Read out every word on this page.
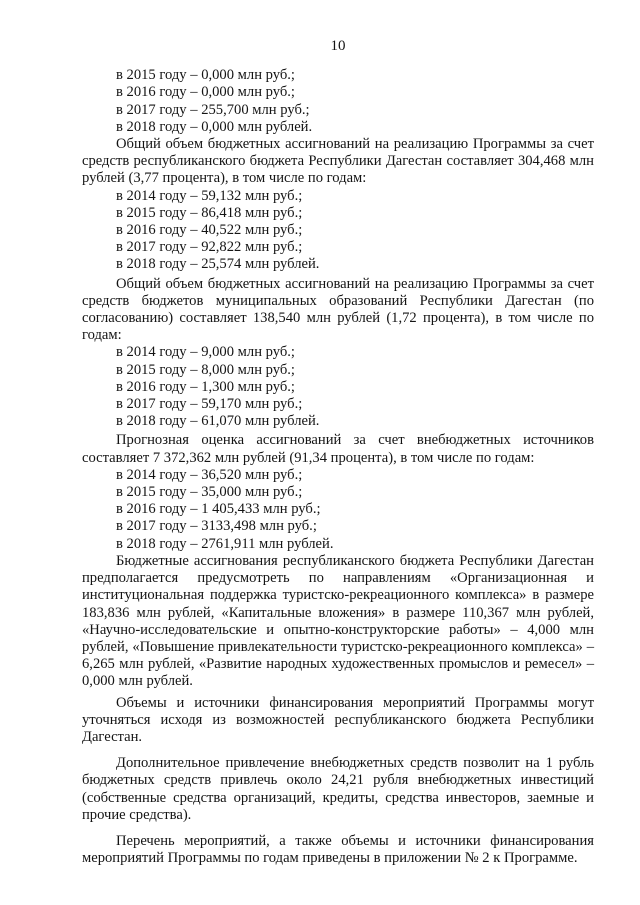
10

в 2015 году – 0,000 млн руб.;

в 2016 году – 0,000 млн руб.;

в 2017 году – 255,700 млн руб.;

в 2018 году – 0,000 млн рублей.

Общий объем бюджетных ассигнований на реализацию Программы за счет средств республиканского бюджета Республики Дагестан составляет 304,468 млн рублей (3,77 процента), в том числе по годам:

в 2014 году – 59,132 млн руб.;

в 2015 году – 86,418 млн руб.;

в 2016 году – 40,522 млн руб.;

в 2017 году – 92,822 млн руб.;

в 2018 году – 25,574 млн рублей.

Общий объем бюджетных ассигнований на реализацию Программы за счет средств бюджетов муниципальных образований Республики Дагестан (по согласованию) составляет 138,540 млн рублей (1,72 процента), в том числе по годам:

в 2014 году – 9,000 млн руб.;

в 2015 году – 8,000 млн руб.;

в 2016 году – 1,300 млн руб.;

в 2017 году – 59,170 млн руб.;

в 2018 году – 61,070 млн рублей.

Прогнозная оценка ассигнований за счет внебюджетных источников составляет 7 372,362 млн рублей (91,34 процента), в том числе по годам:

в 2014 году – 36,520 млн руб.;

в 2015 году – 35,000 млн руб.;

в 2016 году – 1 405,433 млн руб.;

в 2017 году – 3133,498 млн руб.;

в 2018 году – 2761,911 млн рублей.

Бюджетные ассигнования республиканского бюджета Республики Дагестан предполагается предусмотреть по направлениям «Организационная и институциональная поддержка туристско-рекреационного комплекса» в размере 183,836 млн рублей, «Капитальные вложения» в размере 110,367 млн рублей, «Научно-исследовательские и опытно-конструкторские работы» – 4,000 млн рублей, «Повышение привлекательности туристско-рекреационного комплекса» – 6,265 млн рублей, «Развитие народных художественных промыслов и ремесел» – 0,000 млн рублей.

Объемы и источники финансирования мероприятий Программы могут уточняться исходя из возможностей республиканского бюджета Республики Дагестан.

Дополнительное привлечение внебюджетных средств позволит на 1 рубль бюджетных средств привлечь около 24,21 рубля внебюджетных инвестиций (собственные средства организаций, кредиты, средства инвесторов, заемные и прочие средства).

Перечень мероприятий, а также объемы и источники финансирования мероприятий Программы по годам приведены в приложении № 2 к Программе.
